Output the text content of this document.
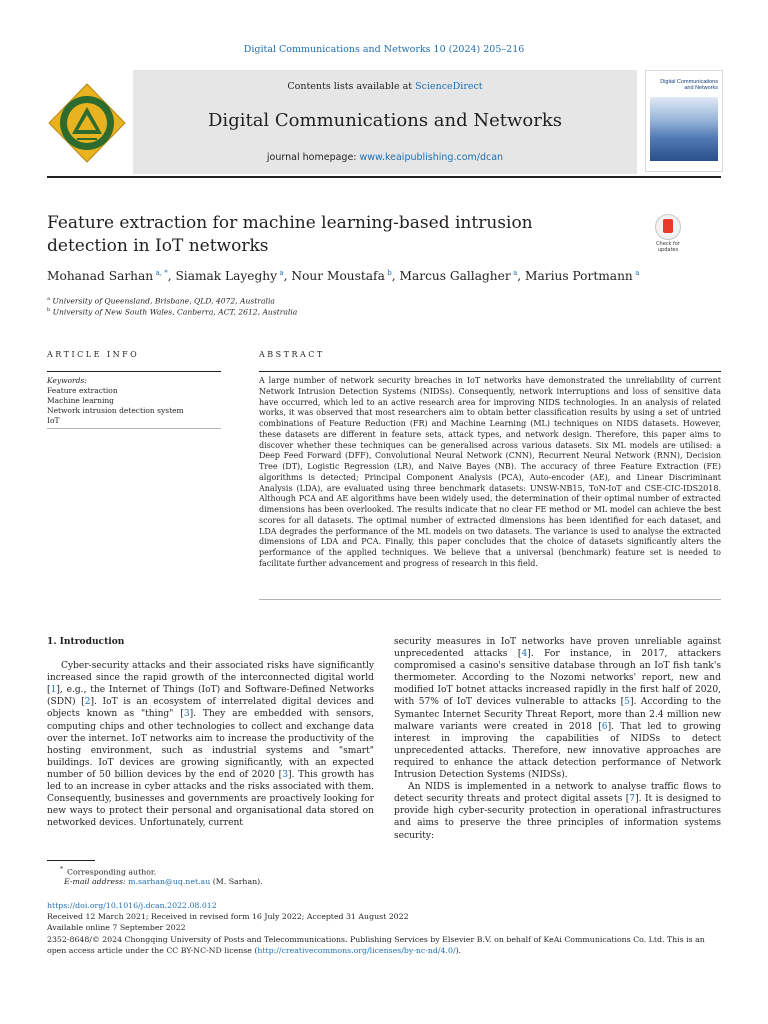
Digital Communications and Networks 10 (2024) 205–216
Contents lists available at ScienceDirect
Digital Communications and Networks
journal homepage: www.keaipublishing.com/dcan
Digital Communications
and Networks
Feature extraction for machine learning-based intrusion detection in IoT networks	Check for
updates
Mohanad Sarhan  $^{a, *}$, Siamak Layeghy  $^a$, Nour Moustafa  $^b$, Marcus Gallagher  $^a$, Marius Portmann  $^a$
$^a$ University of Queensland, Brisbane, QLD, 4072, Australia
$^b$ University of New South Wales, Canberra, ACT, 2612, Australia
ARTICLE INFO	ABSTRACT
Keywords:
Feature extraction
Machine learning
Network intrusion detection system
IoT
A large number of network security breaches in IoT networks have demonstrated the unreliability of current Network Intrusion Detection Systems (NIDSs). Consequently, network interruptions and loss of sensitive data have occurred, which led to an active research area for improving NIDS technologies. In an analysis of related works, it was observed that most researchers aim to obtain better classification results by using a set of untried combinations of Feature Reduction (FR) and Machine Learning (ML) techniques on NIDS datasets. However, these datasets are different in feature sets, attack types, and network design. Therefore, this paper aims to discover whether these techniques can be generalised across various datasets. Six ML models are utilised: a Deep Feed Forward (DFF), Convolutional Neural Network (CNN), Recurrent Neural Network (RNN), Decision Tree (DT), Logistic Regression (LR), and Naive Bayes (NB). The accuracy of three Feature Extraction (FE) algorithms is detected; Principal Component Analysis (PCA), Auto-encoder (AE), and Linear Discriminant Analysis (LDA), are evaluated using three benchmark datasets: UNSW-NB15, ToN-IoT and CSE-CIC-IDS2018. Although PCA and AE algorithms have been widely used, the determination of their optimal number of extracted dimensions has been overlooked. The results indicate that no clear FE method or ML model can achieve the best scores for all datasets. The optimal number of extracted dimensions has been identified for each dataset, and LDA degrades the performance of the ML models on two datasets. The variance is used to analyse the extracted dimensions of LDA and PCA. Finally, this paper concludes that the choice of datasets significantly alters the performance of the applied techniques. We believe that a universal (benchmark) feature set is needed to facilitate further advancement and progress of research in this field.
1. Introduction

Cyber-security attacks and their associated risks have significantly increased since the rapid growth of the interconnected digital world [1], e.g., the Internet of Things (IoT) and Software-Defined Networks (SDN) [2]. IoT is an ecosystem of interrelated digital devices and objects known as "thing" [3]. They are embedded with sensors, computing chips and other technologies to collect and exchange data over the internet. IoT networks aim to increase the productivity of the hosting environment, such as industrial systems and "smart" buildings. IoT devices are growing significantly, with an expected number of 50 billion devices by the end of 2020 [3]. This growth has led to an increase in cyber attacks and the risks associated with them. Consequently, businesses and governments are proactively looking for new ways to protect their personal and organisational data stored on networked devices. Unfortunately, current

security measures in IoT networks have proven unreliable against unprecedented attacks [4]. For instance, in 2017, attackers compromised a casino's sensitive database through an IoT fish tank's thermometer. According to the Nozomi networks' report, new and modified IoT botnet attacks increased rapidly in the first half of 2020, with 57% of IoT devices vulnerable to attacks [5]. According to the Symantec Internet Security Threat Report, more than 2.4 million new malware variants were created in 2018 [6]. That led to growing interest in improving the capabilities of NIDSs to detect unprecedented attacks. Therefore, new innovative approaches are required to enhance the attack detection performance of Network Intrusion Detection Systems (NIDSs).

An NIDS is implemented in a network to analyse traffic flows to detect security threats and protect digital assets [7]. It is designed to provide high cyber-security protection in operational infrastructures and aims to preserve the three principles of information systems security:

* Corresponding author.
E-mail address: m.sarhan@uq.net.au (M. Sarhan).
https://doi.org/10.1016/j.dcan.2022.08.012
Received 12 March 2021; Received in revised form 16 July 2022; Accepted 31 August 2022
Available online 7 September 2022
2352-8648/© 2024 Chongqing University of Posts and Telecommunications. Publishing Services by Elsevier B.V. on behalf of KeAi Communications Co. Ltd. This is an open access article under the CC BY-NC-ND license (http://creativecommons.org/licenses/by-nc-nd/4.0/).
